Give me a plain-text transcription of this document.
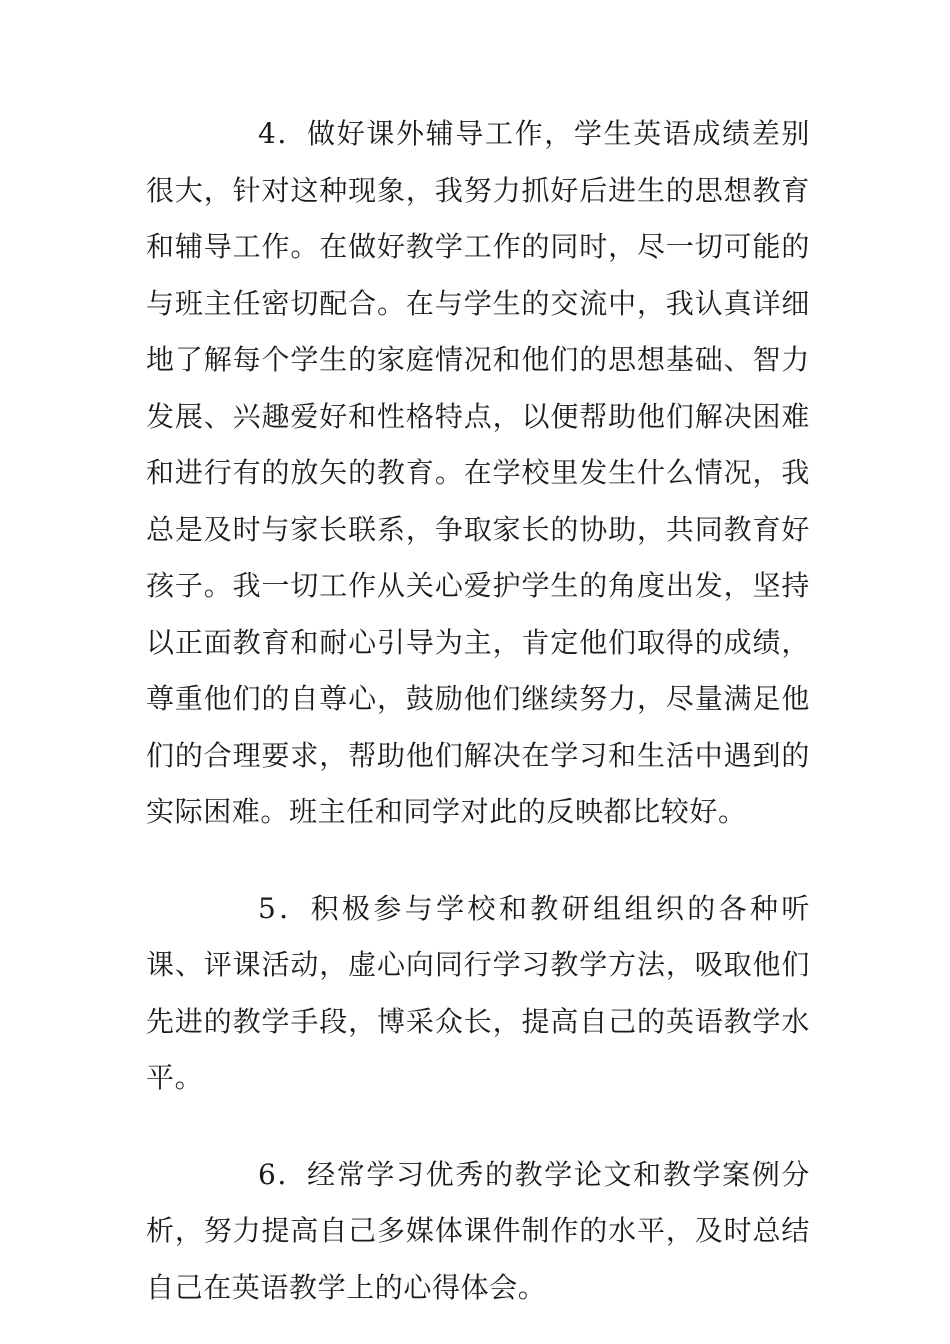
4．做好课外辅导工作，学生英语成绩差别很大，针对这种现象，我努力抓好后进生的思想教育和辅导工作。在做好教学工作的同时，尽一切可能的与班主任密切配合。在与学生的交流中，我认真详细地了解每个学生的家庭情况和他们的思想基础、智力发展、兴趣爱好和性格特点，以便帮助他们解决困难和进行有的放矢的教育。在学校里发生什么情况，我总是及时与家长联系，争取家长的协助，共同教育好孩子。我一切工作从关心爱护学生的角度出发，坚持以正面教育和耐心引导为主，肯定他们取得的成绩，尊重他们的自尊心，鼓励他们继续努力，尽量满足他们的合理要求，帮助他们解决在学习和生活中遇到的实际困难。班主任和同学对此的反映都比较好。

5．积极参与学校和教研组组织的各种听课、评课活动，虚心向同行学习教学方法，吸取他们先进的教学手段，博采众长，提高自己的英语教学水平。

6．经常学习优秀的教学论文和教学案例分析，努力提高自己多媒体课件制作的水平，及时总结自己在英语教学上的心得体会。
